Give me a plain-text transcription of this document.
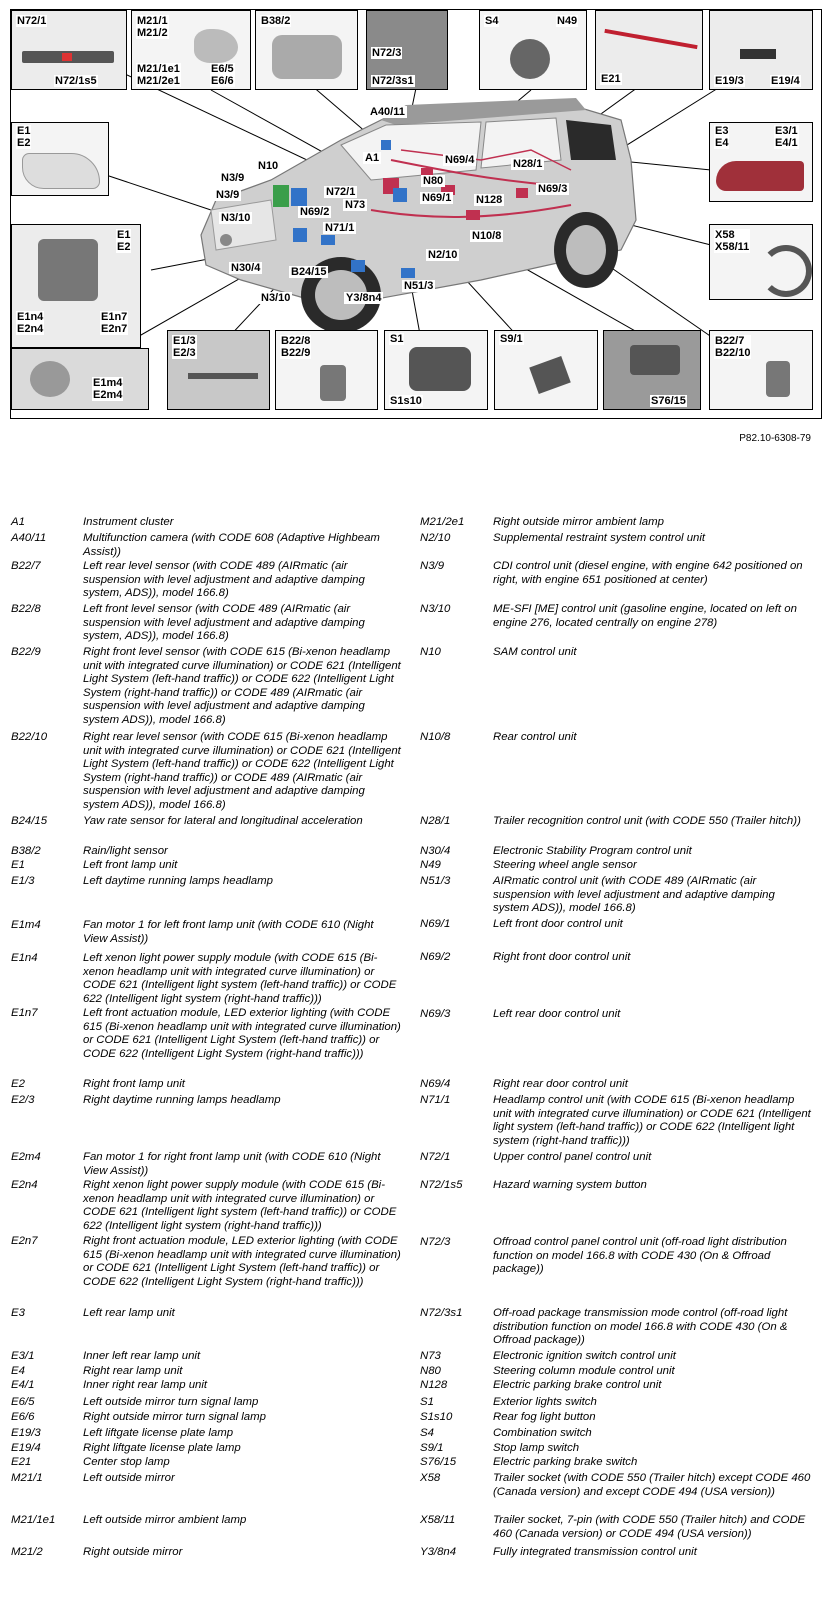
A40/11
A1
N10
N3/9
N3/9
N80
N69/4	N28/1
N69/3
N72/1
N73
N69/1 N128
N69/2
N3/10
N71/1
N10/8
N2/10
N30/4	B24/15
N51/3
N3/10	Y3/8n4
N72/1
N72/1s5
M21/1
M21/2
M21/1e1
M21/2e1
E6/5
E6/6
B38/2
N72/3
N72/3s1
S4	N49
E21	E19/3 E19/4
E1
E2
E3
E4
E3/1
E4/1
E1
E2
E1n4
E2n4
E1n7
E2n7
X58
X58/11
E1m4
E2m4
E1/3
E2/3
B22/8
B22/9
S1
S1s10
S9/1
S76/15
B22/7
B22/10
P82.10-6308-79
A1	Instrument cluster
A40/11	Multifunction camera (with CODE 608 (Adaptive Highbeam Assist))
B22/7	Left rear level sensor (with CODE 489 (AIRmatic (air suspension with level adjustment and adaptive damping system, ADS)), model 166.8)
B22/8	Left front level sensor (with CODE 489 (AIRmatic (air suspension with level adjustment and adaptive damping system, ADS)), model 166.8)
B22/9	Right front level sensor (with CODE 615 (Bi-xenon headlamp unit with integrated curve illumination) or CODE 621 (Intelligent Light System (left-hand traffic)) or CODE 622 (Intelligent Light System (right-hand traffic)) or CODE 489 (AIRmatic (air suspension with level adjustment and adaptive damping system ADS)), model 166.8)
B22/10	Right rear level sensor (with CODE 615 (Bi-xenon headlamp unit with integrated curve illumination) or CODE 621 (Intelligent Light System (left-hand traffic)) or CODE 622 (Intelligent Light System (right-hand traffic)) or CODE 489 (AIRmatic (air suspension with level adjustment and adaptive damping system ADS)), model 166.8)
B24/15	Yaw rate sensor for lateral and longitudinal acceleration
B38/2	Rain/light sensor
E1	Left front lamp unit
E1/3	Left daytime running lamps headlamp
E1m4	Fan motor 1 for left front lamp unit (with CODE 610 (Night View Assist))
E1n4	Left xenon light power supply module (with CODE 615 (Bi-xenon headlamp unit with integrated curve illumination) or CODE 621 (Intelligent light system (left-hand traffic)) or CODE 622 (Intelligent light system (right-hand traffic)))
E1n7	Left front actuation module, LED exterior lighting (with CODE 615 (Bi-xenon headlamp unit with integrated curve illumination) or CODE 621 (Intelligent Light System (left-hand traffic)) or CODE 622 (Intelligent Light System (right-hand traffic)))
E2	Right front lamp unit
E2/3	Right daytime running lamps headlamp
E2m4	Fan motor 1 for right front lamp unit (with CODE 610 (Night View Assist))
E2n4	Right xenon light power supply module (with CODE 615 (Bi-xenon headlamp unit with integrated curve illumination) or CODE 621 (Intelligent light system (left-hand traffic)) or CODE 622 (Intelligent light system (right-hand traffic)))
E2n7	Right front actuation module, LED exterior lighting (with CODE 615 (Bi-xenon headlamp unit with integrated curve illumination) or CODE 621 (Intelligent Light System (left-hand traffic)) or CODE 622 (Intelligent Light System (right-hand traffic)))
E3	Left rear lamp unit
E3/1	Inner left rear lamp unit
E4	Right rear lamp unit
E4/1	Inner right rear lamp unit
E6/5	Left outside mirror turn signal lamp
E6/6	Right outside mirror turn signal lamp
E19/3	Left liftgate license plate lamp
E19/4	Right liftgate license plate lamp
E21	Center stop lamp
M21/1	Left outside mirror
M21/1e1 Left outside mirror ambient lamp
M21/2	Right outside mirror
M21/2e1	Right outside mirror ambient lamp
N2/10	Supplemental restraint system control unit
N3/9	CDI control unit (diesel engine, with engine 642 positioned on right, with engine 651 positioned at center)
N3/10	ME-SFI [ME] control unit (gasoline engine, located on left on engine 276, located centrally on engine 278)
N10	SAM control unit
N10/8	Rear control unit
N28/1	Trailer recognition control unit (with CODE 550 (Trailer hitch))
N30/4	Electronic Stability Program control unit
N49	Steering wheel angle sensor
N51/3	AIRmatic control unit (with CODE 489 (AIRmatic (air suspension with level adjustment and adaptive damping system ADS)), model 166.8)
N69/1	Left front door control unit
N69/2	Right front door control unit
N69/3	Left rear door control unit
N69/4	Right rear door control unit
N71/1	Headlamp control unit (with CODE 615 (Bi-xenon headlamp unit with integrated curve illumination) or CODE 621 (Intelligent light system (left-hand traffic)) or CODE 622 (Intelligent light system (right-hand traffic)))
N72/1	Upper control panel control unit
N72/1s5	Hazard warning system button
N72/3	Offroad control panel control unit (off-road light distribution function on model 166.8 with CODE 430 (On & Offroad package))
N72/3s1	Off-road package transmission mode control (off-road light distribution function on model 166.8 with CODE 430 (On & Offroad package))
N73	Electronic ignition switch control unit
N80	Steering column module control unit
N128	Electric parking brake control unit
S1	Exterior lights switch
S1s10	Rear fog light button
S4	Combination switch
S9/1	Stop lamp switch
S76/15	Electric parking brake switch
X58	Trailer socket (with CODE 550 (Trailer hitch) except CODE 460 (Canada version) and except CODE 494 (USA version))
X58/11	Trailer socket, 7-pin (with CODE 550 (Trailer hitch) and CODE 460 (Canada version) or CODE 494 (USA version))
Y3/8n4	Fully integrated transmission control unit
